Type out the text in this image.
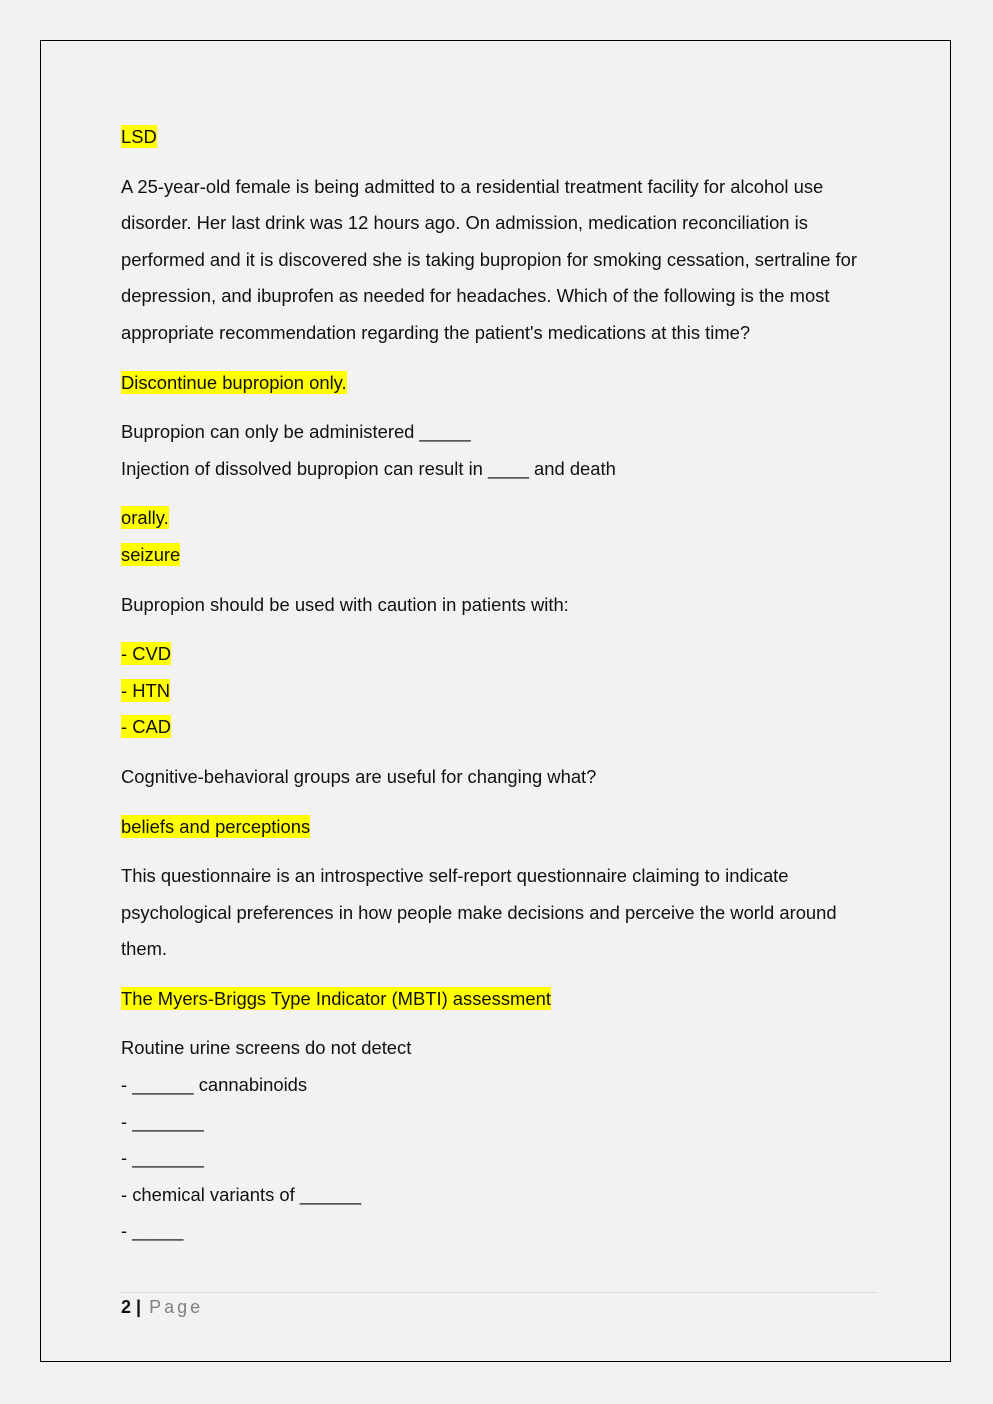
LSD

A 25-year-old female is being admitted to a residential treatment facility for alcohol use disorder. Her last drink was 12 hours ago. On admission, medication reconciliation is performed and it is discovered she is taking bupropion for smoking cessation, sertraline for depression, and ibuprofen as needed for headaches. Which of the following is the most appropriate recommendation regarding the patient's medications at this time?

Discontinue bupropion only.
Bupropion can only be administered _____
Injection of dissolved bupropion can result in ____ and death
orally.
seizure
Bupropion should be used with caution in patients with:
- CVD
- HTN
- CAD
Cognitive-behavioral groups are useful for changing what?
beliefs and perceptions

This questionnaire is an introspective self-report questionnaire claiming to indicate psychological preferences in how people make decisions and perceive the world around them.

The Myers-Briggs Type Indicator (MBTI) assessment
Routine urine screens do not detect
- ______ cannabinoids
- _______
- _______
- chemical variants of ______
- _____
2 | Page
